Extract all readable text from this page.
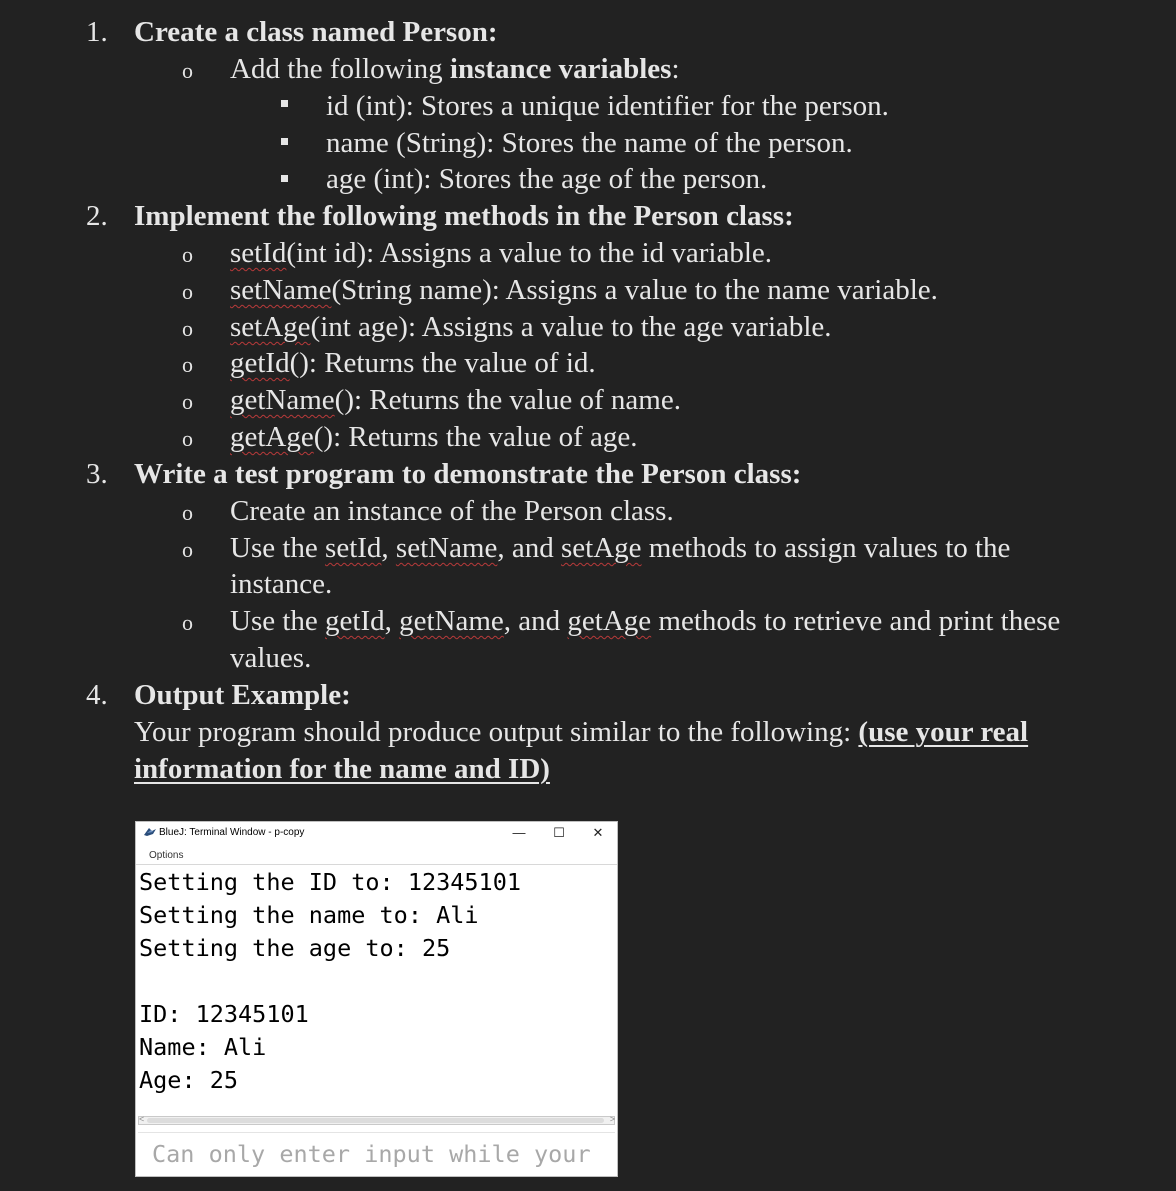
1. Create a class named Person:
o Add the following instance variables:
id (int): Stores a unique identifier for the person.
name (String): Stores the name of the person.
age (int): Stores the age of the person.
2. Implement the following methods in the Person class:
o setId(int id): Assigns a value to the id variable.
o setName(String name): Assigns a value to the name variable.
o setAge(int age): Assigns a value to the age variable.
o getId(): Returns the value of id.
o getName(): Returns the value of name.
o getAge(): Returns the value of age.
3. Write a test program to demonstrate the Person class:
o Create an instance of the Person class.
o Use the setId, setName, and setAge methods to assign values to the
instance.
o Use the getId, getName, and getAge methods to retrieve and print these
values.
4. Output Example:
Your program should produce output similar to the following: (use your real
information for the name and ID)
BlueJ: Terminal Window - p-copy	—	☐	✕
Options
Setting the ID to: 12345101
Setting the name to: Ali
Setting the age to: 25
ID: 12345101
Name: Ali
Age: 25
<	>
Can only enter input while your
